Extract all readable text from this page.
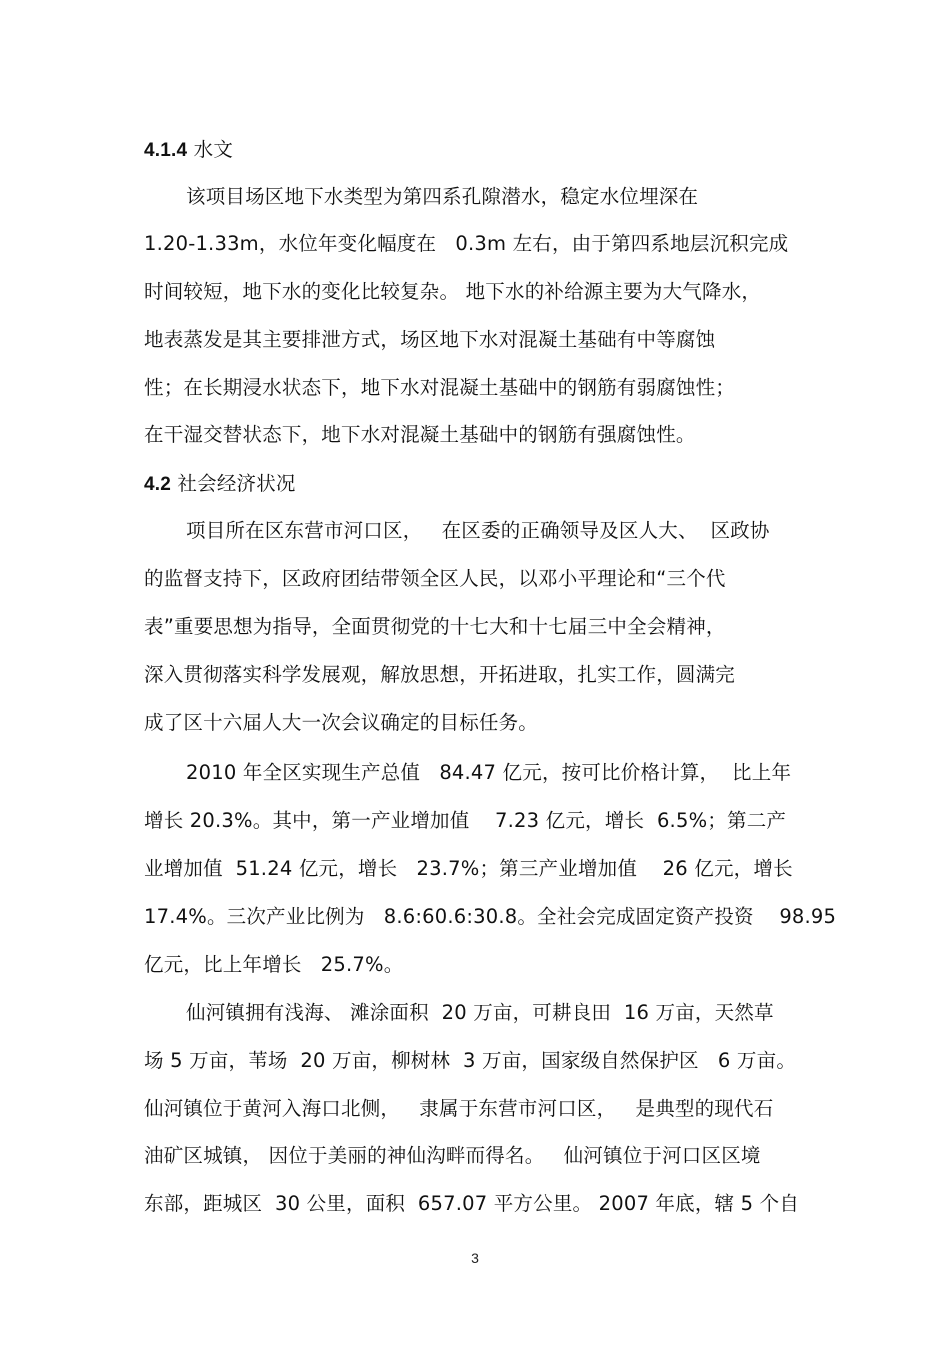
4.1.4 水文
该项目场区地下水类型为第四系孔隙潜水，稳定水位埋深在
1.20-1.33m，水位年变化幅度在   0.3m 左右，由于第四系地层沉积完成
时间较短，地下水的变化比较复杂。 地下水的补给源主要为大气降水，
地表蒸发是其主要排泄方式，场区地下水对混凝土基础有中等腐蚀
性；在长期浸水状态下，地下水对混凝土基础中的钢筋有弱腐蚀性；
在干湿交替状态下，地下水对混凝土基础中的钢筋有强腐蚀性。
4.2 社会经济状况
项目所在区东营市河口区，   在区委的正确领导及区人大、  区政协
的监督支持下，区政府团结带领全区人民，以邓小平理论和“三个代
表”重要思想为指导，全面贯彻党的十七大和十七届三中全会精神，
深入贯彻落实科学发展观，解放思想，开拓进取，扎实工作，圆满完
成了区十六届人大一次会议确定的目标任务。
2010 年全区实现生产总值   84.47 亿元，按可比价格计算，  比上年
增长 20.3%。其中，第一产业增加值    7.23 亿元，增长  6.5%；第二产
业增加值  51.24 亿元，增长   23.7%；第三产业增加值    26 亿元，增长
17.4%。三次产业比例为   8.6:60.6:30.8。全社会完成固定资产投资    98.95
亿元，比上年增长   25.7%。
仙河镇拥有浅海、 滩涂面积  20 万亩，可耕良田  16 万亩，天然草
场 5 万亩，苇场  20 万亩，柳树林  3 万亩，国家级自然保护区   6 万亩。
仙河镇位于黄河入海口北侧，   隶属于东营市河口区，   是典型的现代石
油矿区城镇， 因位于美丽的神仙沟畔而得名。   仙河镇位于河口区区境
东部，距城区  30 公里，面积  657.07 平方公里。 2007 年底，辖 5 个自
3
